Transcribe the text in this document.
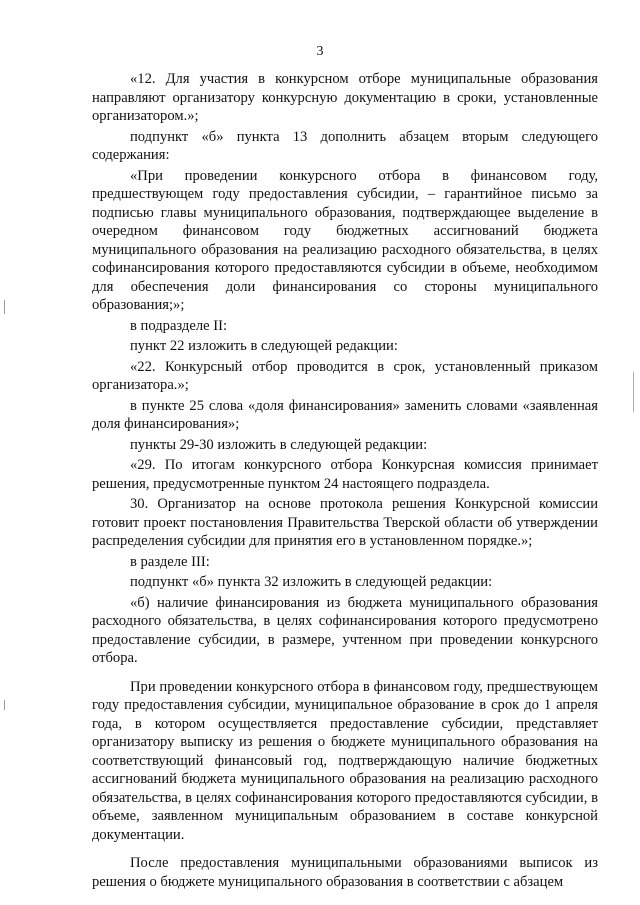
3

«12. Для участия в конкурсном отборе муниципальные образования направляют организатору конкурсную документацию в сроки, установленные организатором.»;

подпункт «б» пункта 13 дополнить абзацем вторым следующего содержания:

«При проведении конкурсного отбора в финансовом году, предшествующем году предоставления субсидии, – гарантийное письмо за подписью главы муниципального образования, подтверждающее выделение в очередном финансовом году бюджетных ассигнований бюджета муниципального образования на реализацию расходного обязательства, в целях софинансирования которого предоставляются субсидии в объеме, необходимом для обеспечения доли финансирования со стороны муниципального образования;»;

в подразделе II:

пункт 22 изложить в следующей редакции:

«22. Конкурсный отбор проводится в срок, установленный приказом организатора.»;

в пункте 25 слова «доля финансирования» заменить словами «заявленная доля финансирования»;

пункты 29-30 изложить в следующей редакции:

«29. По итогам конкурсного отбора Конкурсная комиссия принимает решения, предусмотренные пунктом 24 настоящего подраздела.

30. Организатор на основе протокола решения Конкурсной комиссии готовит проект постановления Правительства Тверской области об утверждении распределения субсидии для принятия его в установленном порядке.»;

в разделе III:

подпункт «б» пункта 32 изложить в следующей редакции:

«б) наличие финансирования из бюджета муниципального образования расходного обязательства, в целях софинансирования которого предусмотрено предоставление субсидии, в размере, учтенном при проведении конкурсного отбора.

При проведении конкурсного отбора в финансовом году, предшествующем году предоставления субсидии, муниципальное образование в срок до 1 апреля года, в котором осуществляется предоставление субсидии, представляет организатору выписку из решения о бюджете муниципального образования на соответствующий финансовый год, подтверждающую наличие бюджетных ассигнований бюджета муниципального образования на реализацию расходного обязательства, в целях софинансирования которого предоставляются субсидии, в объеме, заявленном муниципальным образованием в составе конкурсной документации.

После предоставления муниципальными образованиями выписок из решения о бюджете муниципального образования в соответствии с абзацем
